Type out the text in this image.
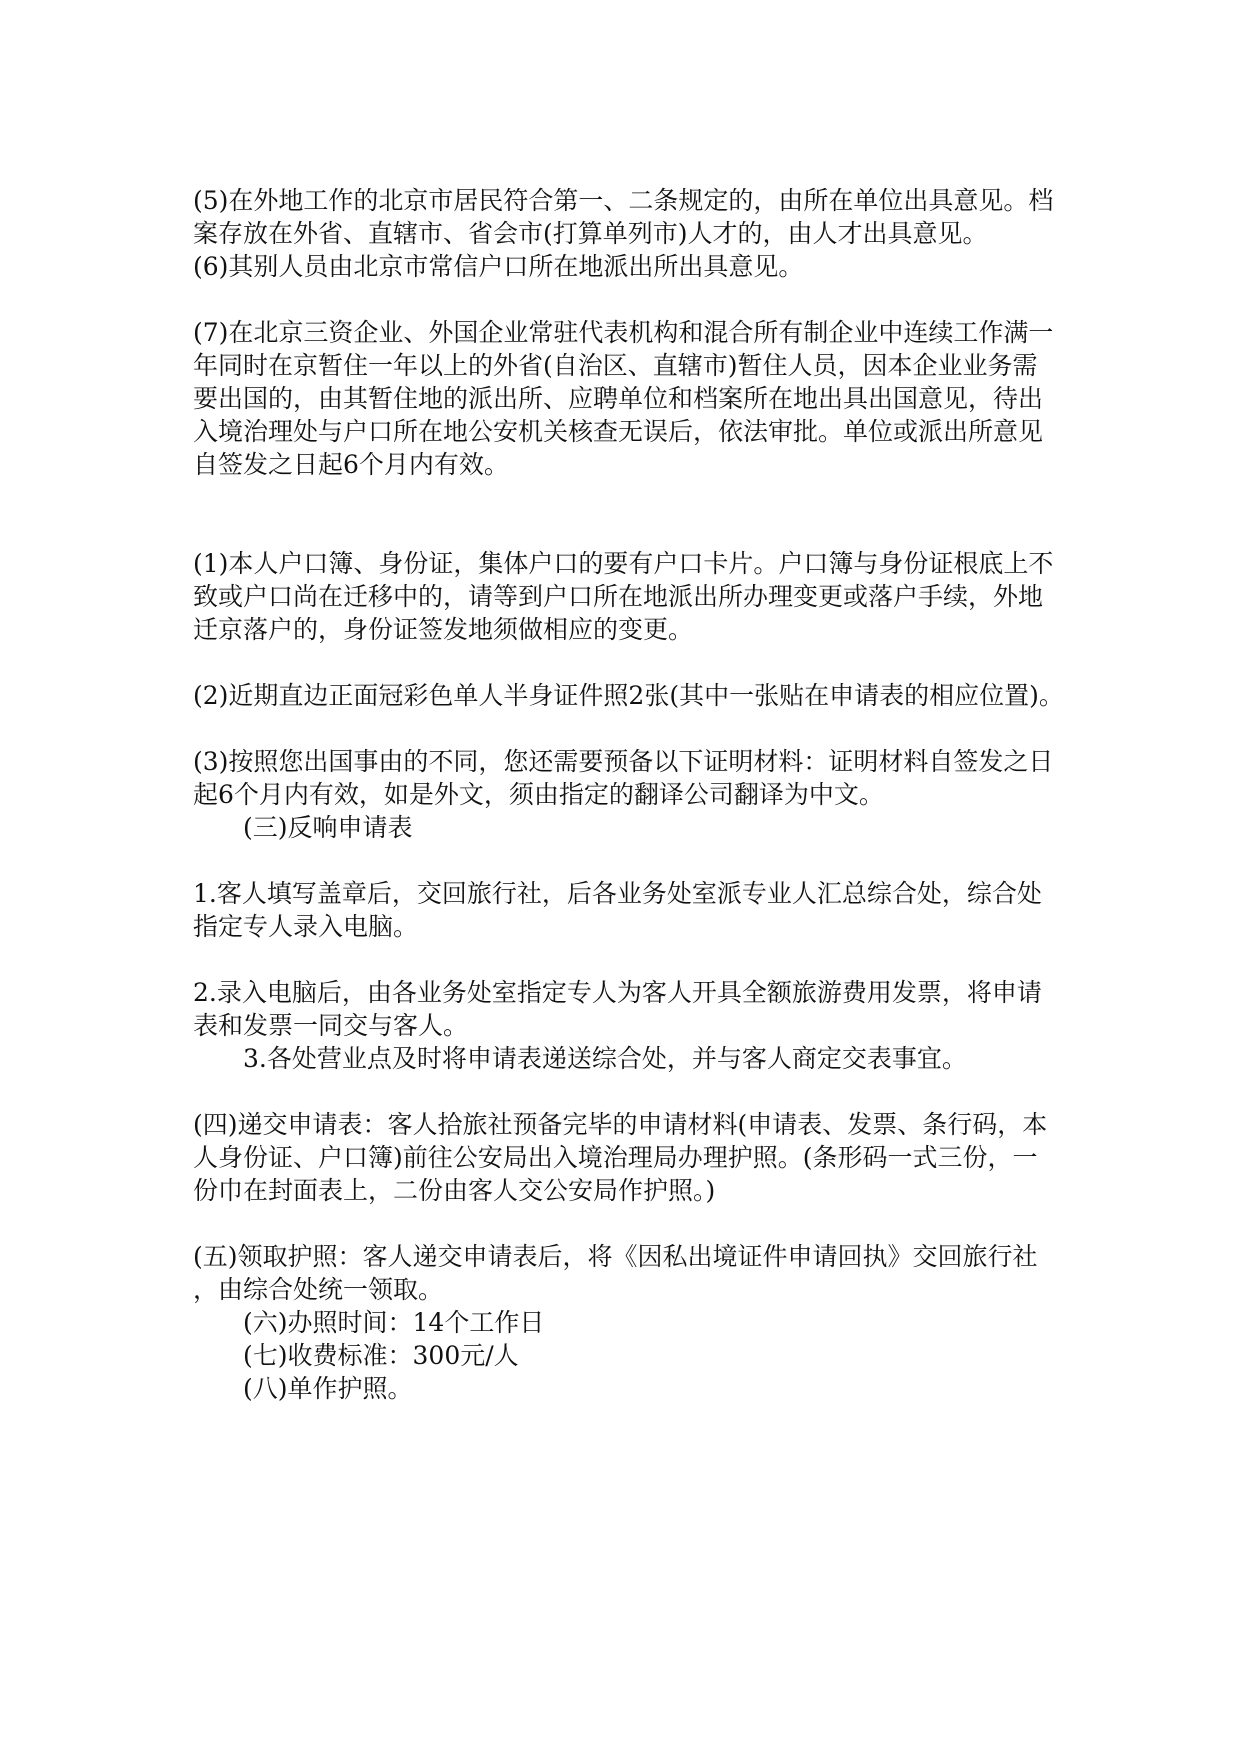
(5)在外地工作的北京市居民符合第一、二条规定的，由所在单位出具意见。档
案存放在外省、直辖市、省会市(打算单列市)人才的，由人才出具意见。
(6)其别人员由北京市常信户口所在地派出所出具意见。
(7)在北京三资企业、外国企业常驻代表机构和混合所有制企业中连续工作满一
年同时在京暂住一年以上的外省(自治区、直辖市)暂住人员，因本企业业务需
要出国的，由其暂住地的派出所、应聘单位和档案所在地出具出国意见，待出
入境治理处与户口所在地公安机关核查无误后，依法审批。单位或派出所意见
自签发之日起6个月内有效。
(1)本人户口簿、身份证，集体户口的要有户口卡片。户口簿与身份证根底上不
致或户口尚在迁移中的，请等到户口所在地派出所办理变更或落户手续，外地
迁京落户的，身份证签发地须做相应的变更。
(2)近期直边正面冠彩色单人半身证件照2张(其中一张贴在申请表的相应位置)。
(3)按照您出国事由的不同，您还需要预备以下证明材料：证明材料自签发之日
起6个月内有效，如是外文，须由指定的翻译公司翻译为中文。
(三)反响申请表
1.客人填写盖章后，交回旅行社，后各业务处室派专业人汇总综合处，综合处
指定专人录入电脑。
2.录入电脑后，由各业务处室指定专人为客人开具全额旅游费用发票，将申请
表和发票一同交与客人。
3.各处营业点及时将申请表递送综合处，并与客人商定交表事宜。
(四)递交申请表：客人拾旅社预备完毕的申请材料(申请表、发票、条行码，本
人身份证、户口簿)前往公安局出入境治理局办理护照。(条形码一式三份，一
份巾在封面表上，二份由客人交公安局作护照。)
(五)领取护照：客人递交申请表后，将《因私出境证件申请回执》交回旅行社
，由综合处统一领取。
(六)办照时间：14个工作日
(七)收费标准：300元/人
(八)单作护照。
